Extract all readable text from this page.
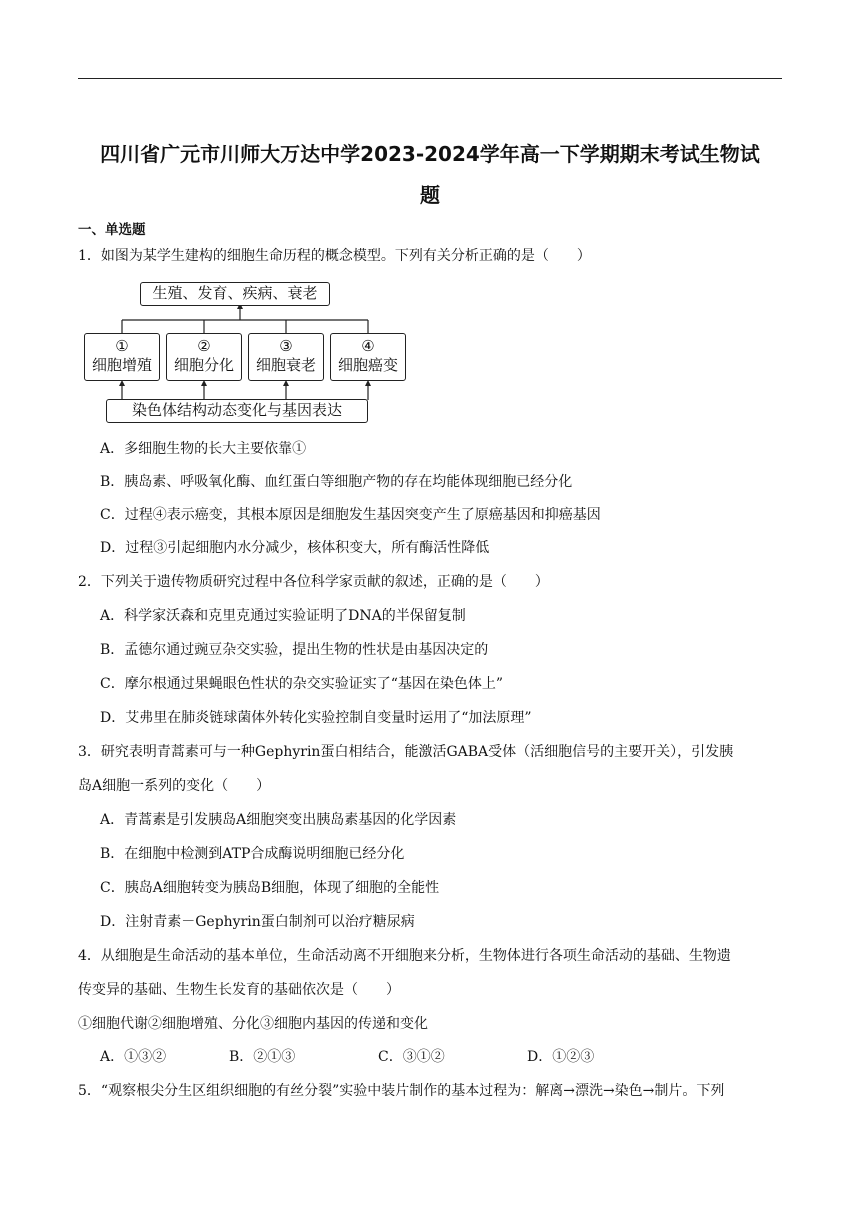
四川省广元市川师大万达中学2023-2024学年高一下学期期末考试生物试
题
一、单选题
1．如图为某学生建构的细胞生命历程的概念模型。下列有关分析正确的是（　　）
生殖、发育、疾病、衰老
①
细胞增殖
②
细胞分化
③
细胞衰老
④
细胞癌变
染色体结构动态变化与基因表达
A．多细胞生物的长大主要依靠①
B．胰岛素、呼吸氧化酶、血红蛋白等细胞产物的存在均能体现细胞已经分化
C．过程④表示癌变，其根本原因是细胞发生基因突变产生了原癌基因和抑癌基因
D．过程③引起细胞内水分减少，核体积变大，所有酶活性降低
2．下列关于遗传物质研究过程中各位科学家贡献的叙述，正确的是（　　）
A．科学家沃森和克里克通过实验证明了DNA的半保留复制
B．孟德尔通过豌豆杂交实验，提出生物的性状是由基因决定的
C．摩尔根通过果蝇眼色性状的杂交实验证实了“基因在染色体上”
D．艾弗里在肺炎链球菌体外转化实验控制自变量时运用了“加法原理”
3．研究表明青蒿素可与一种Gephyrin蛋白相结合，能激活GABA受体（活细胞信号的主要开关），引发胰
岛A细胞一系列的变化（　　）
A．青蒿素是引发胰岛A细胞突变出胰岛素基因的化学因素
B．在细胞中检测到ATP合成酶说明细胞已经分化
C．胰岛A细胞转变为胰岛B细胞，体现了细胞的全能性
D．注射青素－Gephyrin蛋白制剂可以治疗糖尿病
4．从细胞是生命活动的基本单位，生命活动离不开细胞来分析，生物体进行各项生命活动的基础、生物遗
传变异的基础、生物生长发育的基础依次是（　　）
①细胞代谢②细胞增殖、分化③细胞内基因的传递和变化
A．①③②	B．②①③	C．③①②	D．①②③
5．“观察根尖分生区组织细胞的有丝分裂”实验中装片制作的基本过程为：解离→漂洗→染色→制片。下列
